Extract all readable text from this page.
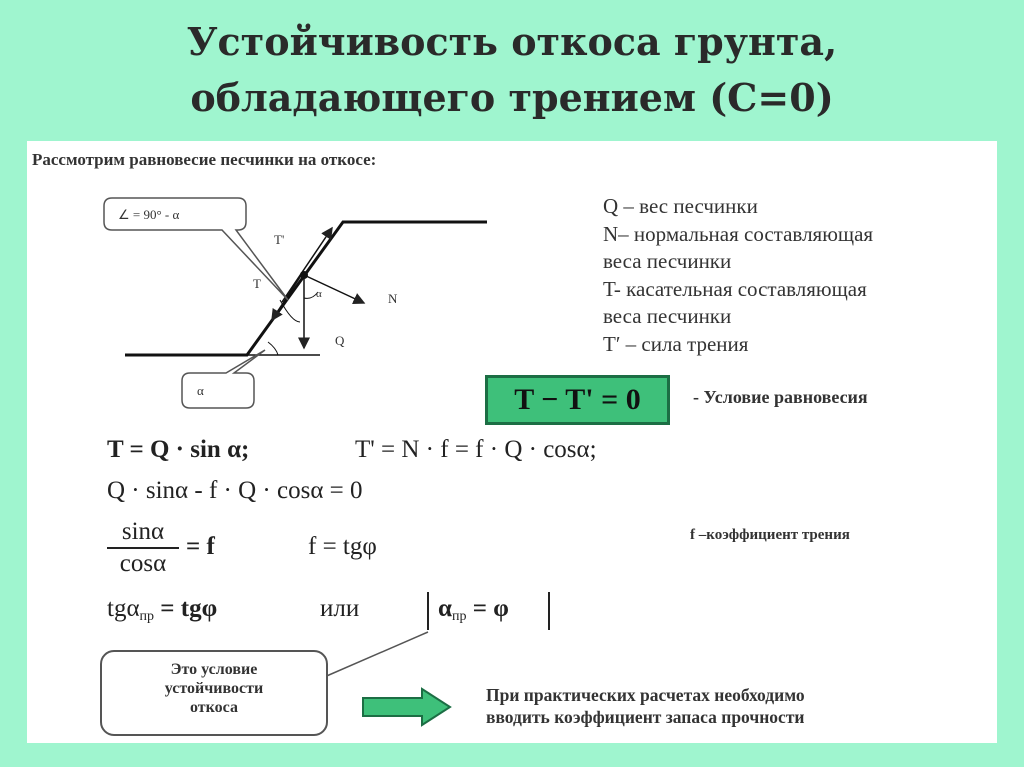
Устойчивость откоса грунта,
обладающего трением (С=0)
Рассмотрим равновесие песчинки на откосе:
∠ = 90° - α
α
T'
T
N
Q
α
Q – вес песчинки
N– нормальная составляющая
веса песчинки
T- касательная составляющая
веса песчинки
T′ – сила трения
T − T' = 0	- Условие равновесия
T = Q · sin α;	T' = N · f = f · Q · cosα;
Q · sinα - f · Q · cosα = 0
$\frac{\sin\alpha}{\cos\alpha} = f$	f = tgφ	f –коэффициент трения
tgα$_{пр}$ = tgφ	или	$\alpha_{пр} = \varphi$
Это условие
устойчивости
откоса
При практических расчетах необходимо
вводить коэффициент запаса прочности
